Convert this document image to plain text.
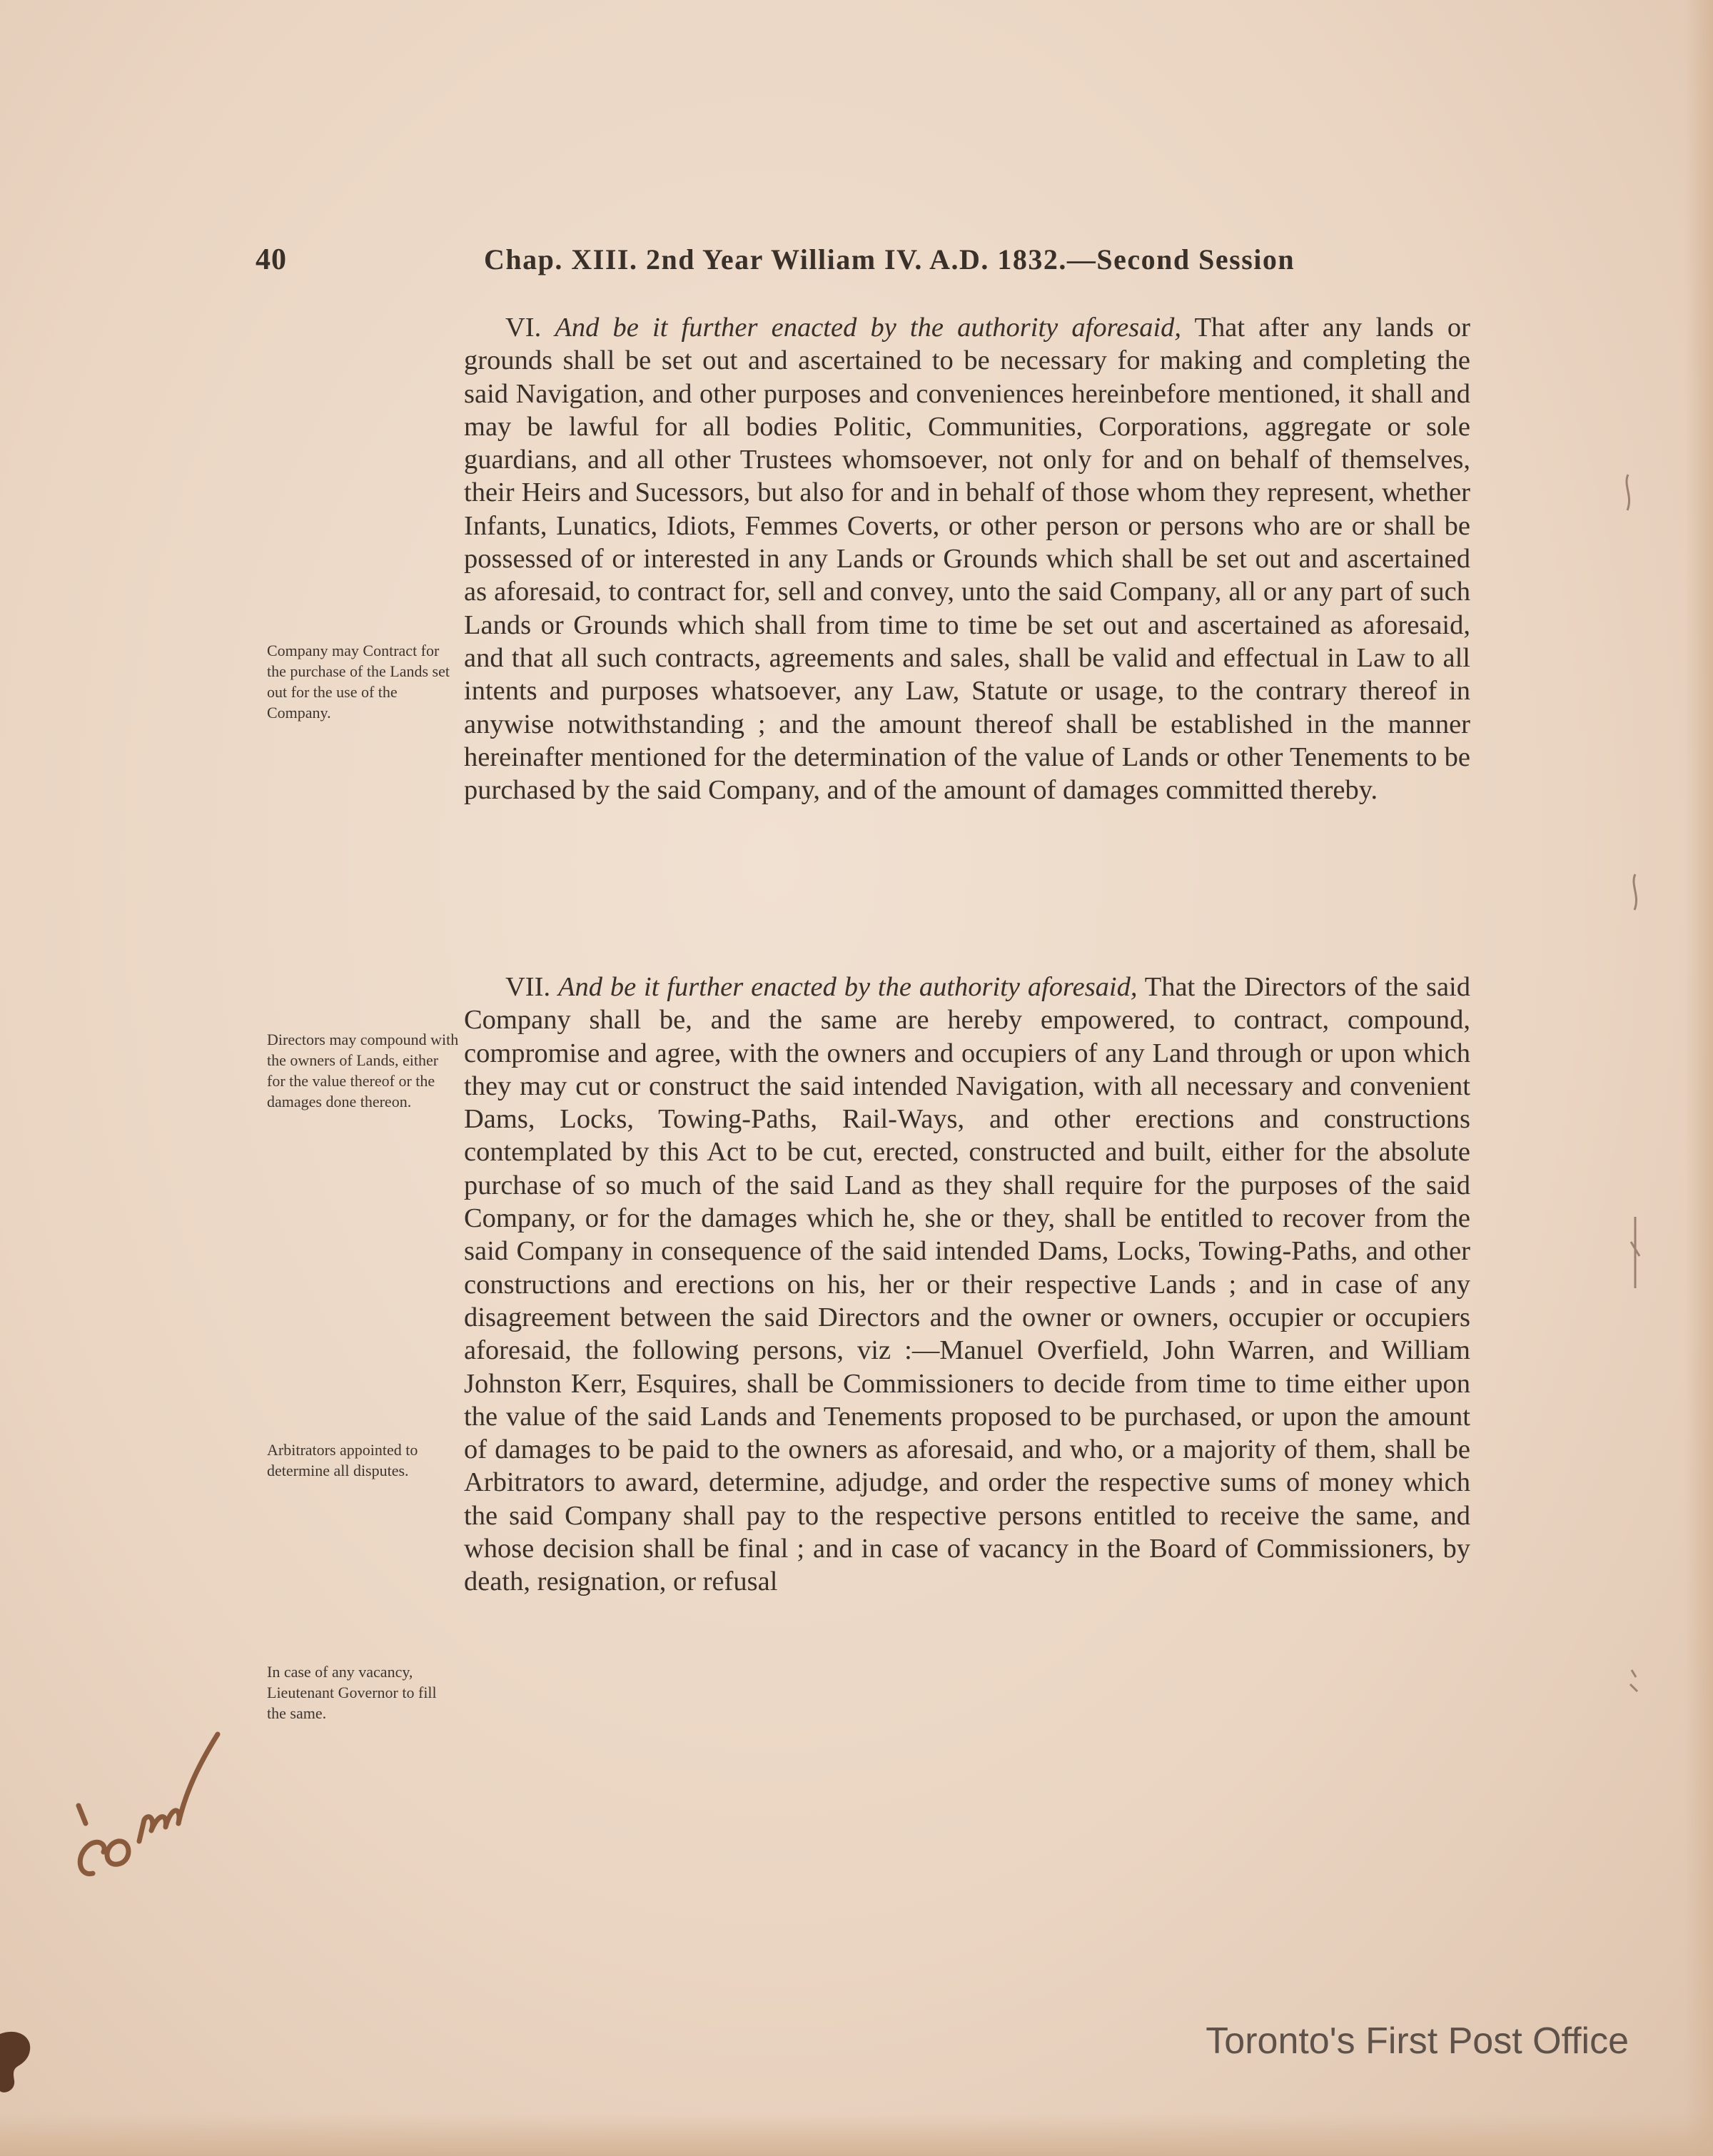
40	Chap. XIII. 2nd Year William IV. A.D. 1832.—Second Session

VI. And be it further enacted by the authority aforesaid, That after any lands or grounds shall be set out and ascertained to be necessary for making and completing the said Navigation, and other purposes and conveniences hereinbefore mentioned, it shall and may be lawful for all bodies Politic, Communities, Corporations, aggregate or sole guardians, and all other Trustees whomsoever, not only for and on behalf of themselves, their Heirs and Sucessors, but also for and in behalf of those whom they represent, whether Infants, Lunatics, Idiots, Femmes Coverts, or other person or persons who are or shall be possessed of or interested in any Lands or Grounds which shall be set out and ascertained as aforesaid, to contract for, sell and convey, unto the said Company, all or any part of such Lands or Grounds which shall from time to time be set out and ascertained as aforesaid, and that all such contracts, agreements and sales, shall be valid and effectual in Law to all intents and purposes whatsoever, any Law, Statute or usage, to the contrary thereof in anywise notwithstanding ; and the amount thereof shall be established in the manner hereinafter mentioned for the determination of the value of Lands or other Tenements to be purchased by the said Company, and of the amount of damages committed thereby.

VII. And be it further enacted by the authority aforesaid, That the Directors of the said Company shall be, and the same are hereby empowered, to contract, compound, compromise and agree, with the owners and occupiers of any Land through or upon which they may cut or construct the said intended Navigation, with all necessary and convenient Dams, Locks, Towing-Paths, Rail-Ways, and other erections and constructions contemplated by this Act to be cut, erected, constructed and built, either for the absolute purchase of so much of the said Land as they shall require for the purposes of the said Company, or for the damages which he, she or they, shall be entitled to recover from the said Company in consequence of the said intended Dams, Locks, Towing-Paths, and other constructions and erections on his, her or their respective Lands ; and in case of any disagreement between the said Directors and the owner or owners, occupier or occupiers aforesaid, the following persons, viz :—Manuel Overfield, John Warren, and William Johnston Kerr, Esquires, shall be Commissioners to decide from time to time either upon the value of the said Lands and Tenements proposed to be purchased, or upon the amount of damages to be paid to the owners as aforesaid, and who, or a majority of them, shall be Arbitrators to award, determine, adjudge, and order the respective sums of money which the said Company shall pay to the respective persons entitled to receive the same, and whose decision shall be final ; and in case of vacancy in the Board of Commissioners, by death, resignation, or refusal

Company may Contract for the purchase of the Lands set out for the use of the Company.
Directors may compound with the owners of Lands, either for the value thereof or the damages done thereon.
Arbitrators appointed to determine all disputes.
In case of any vacancy, Lieutenant Governor to fill the same.
Toronto's First Post Office
